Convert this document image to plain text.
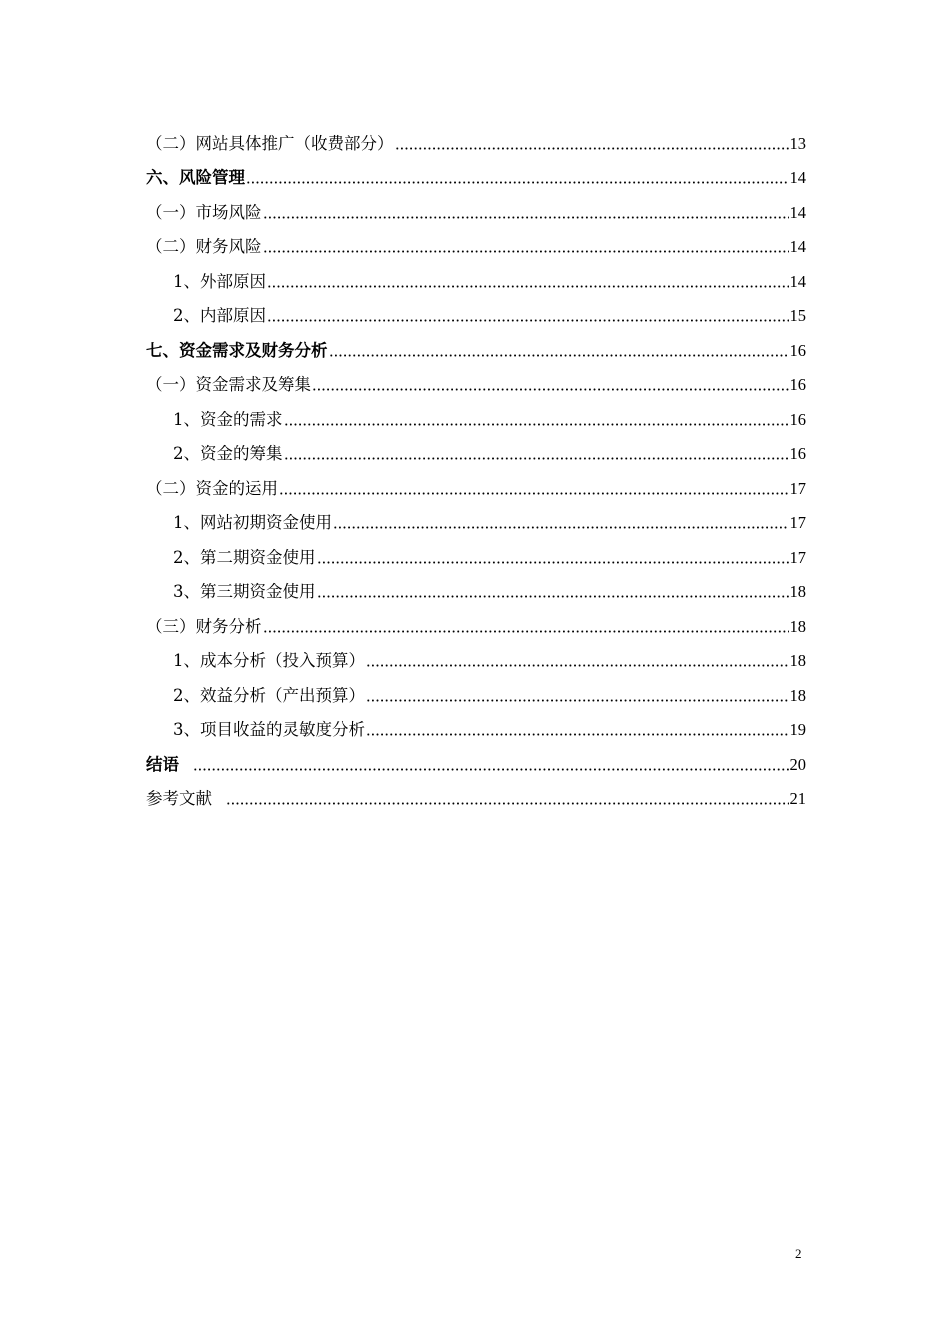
（二）网站具体推广（收费部分）	13
六、风险管理	14
（一）市场风险	14
（二）财务风险	14
1、外部原因	14
2、内部原因	15
七、资金需求及财务分析	16
（一）资金需求及筹集	16
1、资金的需求	16
2、资金的筹集	16
（二）资金的运用	17
1、网站初期资金使用	17
2、第二期资金使用	17
3、第三期资金使用	18
（三）财务分析	18
1、成本分析（投入预算）	18
2、效益分析（产出预算）	18
3、项目收益的灵敏度分析	19
结语	20
参考文献	21
2
